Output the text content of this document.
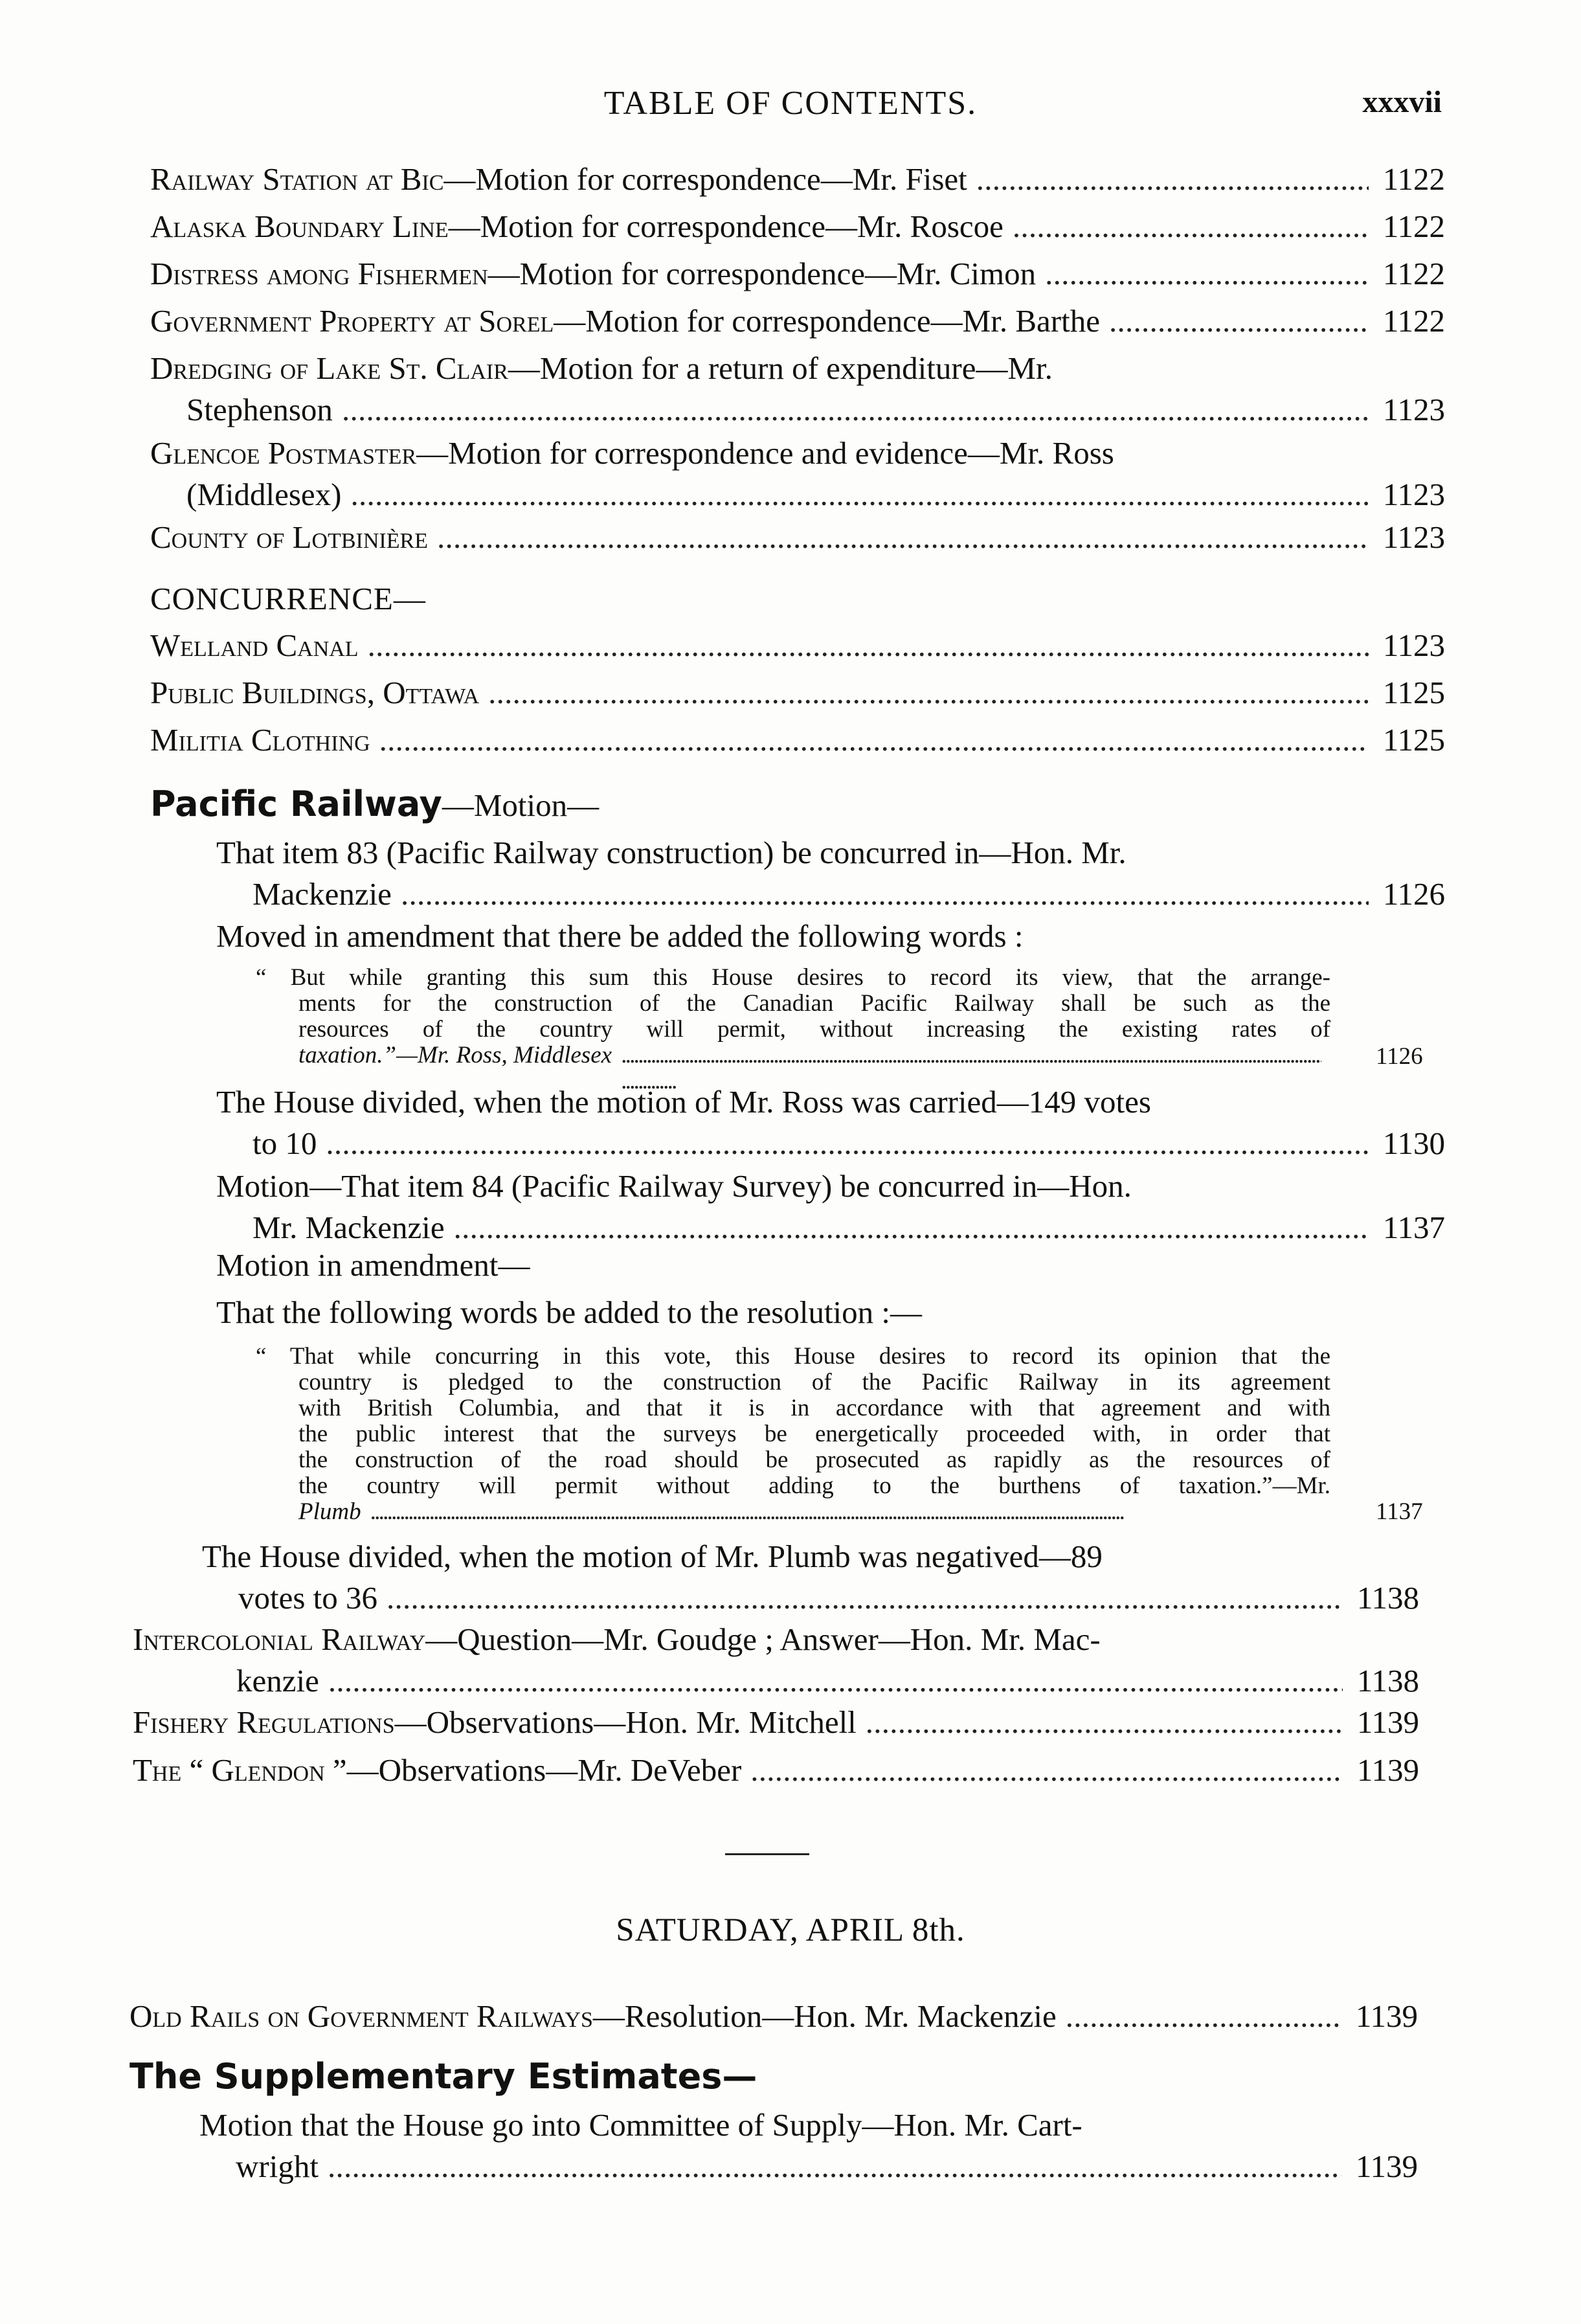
TABLE OF CONTENTS.	xxxvii
Railway Station at Bic —Motion for correspondence—Mr. Fiset . . .	1122
Alaska Boundary Line —Motion for correspondence—Mr. Roscoe . . .	1122
Distress among Fishermen —Motion for correspondence—Mr. Cimon . . .	1122
Government Property at Sorel —Motion for correspondence—Mr. Barthe . . .	1122
Dredging of Lake St. Clair —Motion for a return of expenditure—Mr.
Stephenson . . .	1123
Glencoe Postmaster —Motion for correspondence and evidence—Mr. Ross
(Middlesex) . . .	1123
County of Lotbinière . . .	1123
CONCURRENCE—
Welland Canal . . .	1123
Public Buildings, Ottawa . . .	1125
Militia Clothing . . .	1125
Pacific Railway—Motion—
That item 83 (Pacific Railway construction) be concurred in—Hon. Mr.
Mackenzie . . .	1126
Moved in amendment that there be added the following words :
“ But while granting this sum this House desires to record its view, that the arrange-
ments for the construction of the Canadian Pacific Railway shall be such as the
resources of the country will permit, without increasing the existing rates of
taxation.”—Mr. Ross, Middlesex . . .	1126
The House divided, when the motion of Mr. Ross was carried—149 votes
to 10 . . .	1130
Motion—That item 84 (Pacific Railway Survey) be concurred in—Hon.
Mr. Mackenzie . . .	1137
Motion in amendment—
That the following words be added to the resolution :—
“ That while concurring in this vote, this House desires to record its opinion that the
country is pledged to the construction of the Pacific Railway in its agreement
with British Columbia, and that it is in accordance with that agreement and with
the public interest that the surveys be energetically proceeded with, in order that
the construction of the road should be prosecuted as rapidly as the resources of
the country will permit without adding to the burthens of taxation.”—Mr.
Plumb . . .	1137
The House divided, when the motion of Mr. Plumb was negatived—89
votes to 36 . . .	1138
Intercolonial Railway —Question—Mr. Goudge ; Answer—Hon. Mr. Mac-
kenzie . . .	1138
Fishery Regulations —Observations—Hon. Mr. Mitchell . . .	1139
The “ Glendon ” —Observations—Mr. DeVeber . . .	1139
SATURDAY, APRIL 8th.
Old Rails on Government Railways —Resolution—Hon. Mr. Mackenzie . . .	1139
The Supplementary Estimates—
Motion that the House go into Committee of Supply—Hon. Mr. Cart-
wright . . .	1139
